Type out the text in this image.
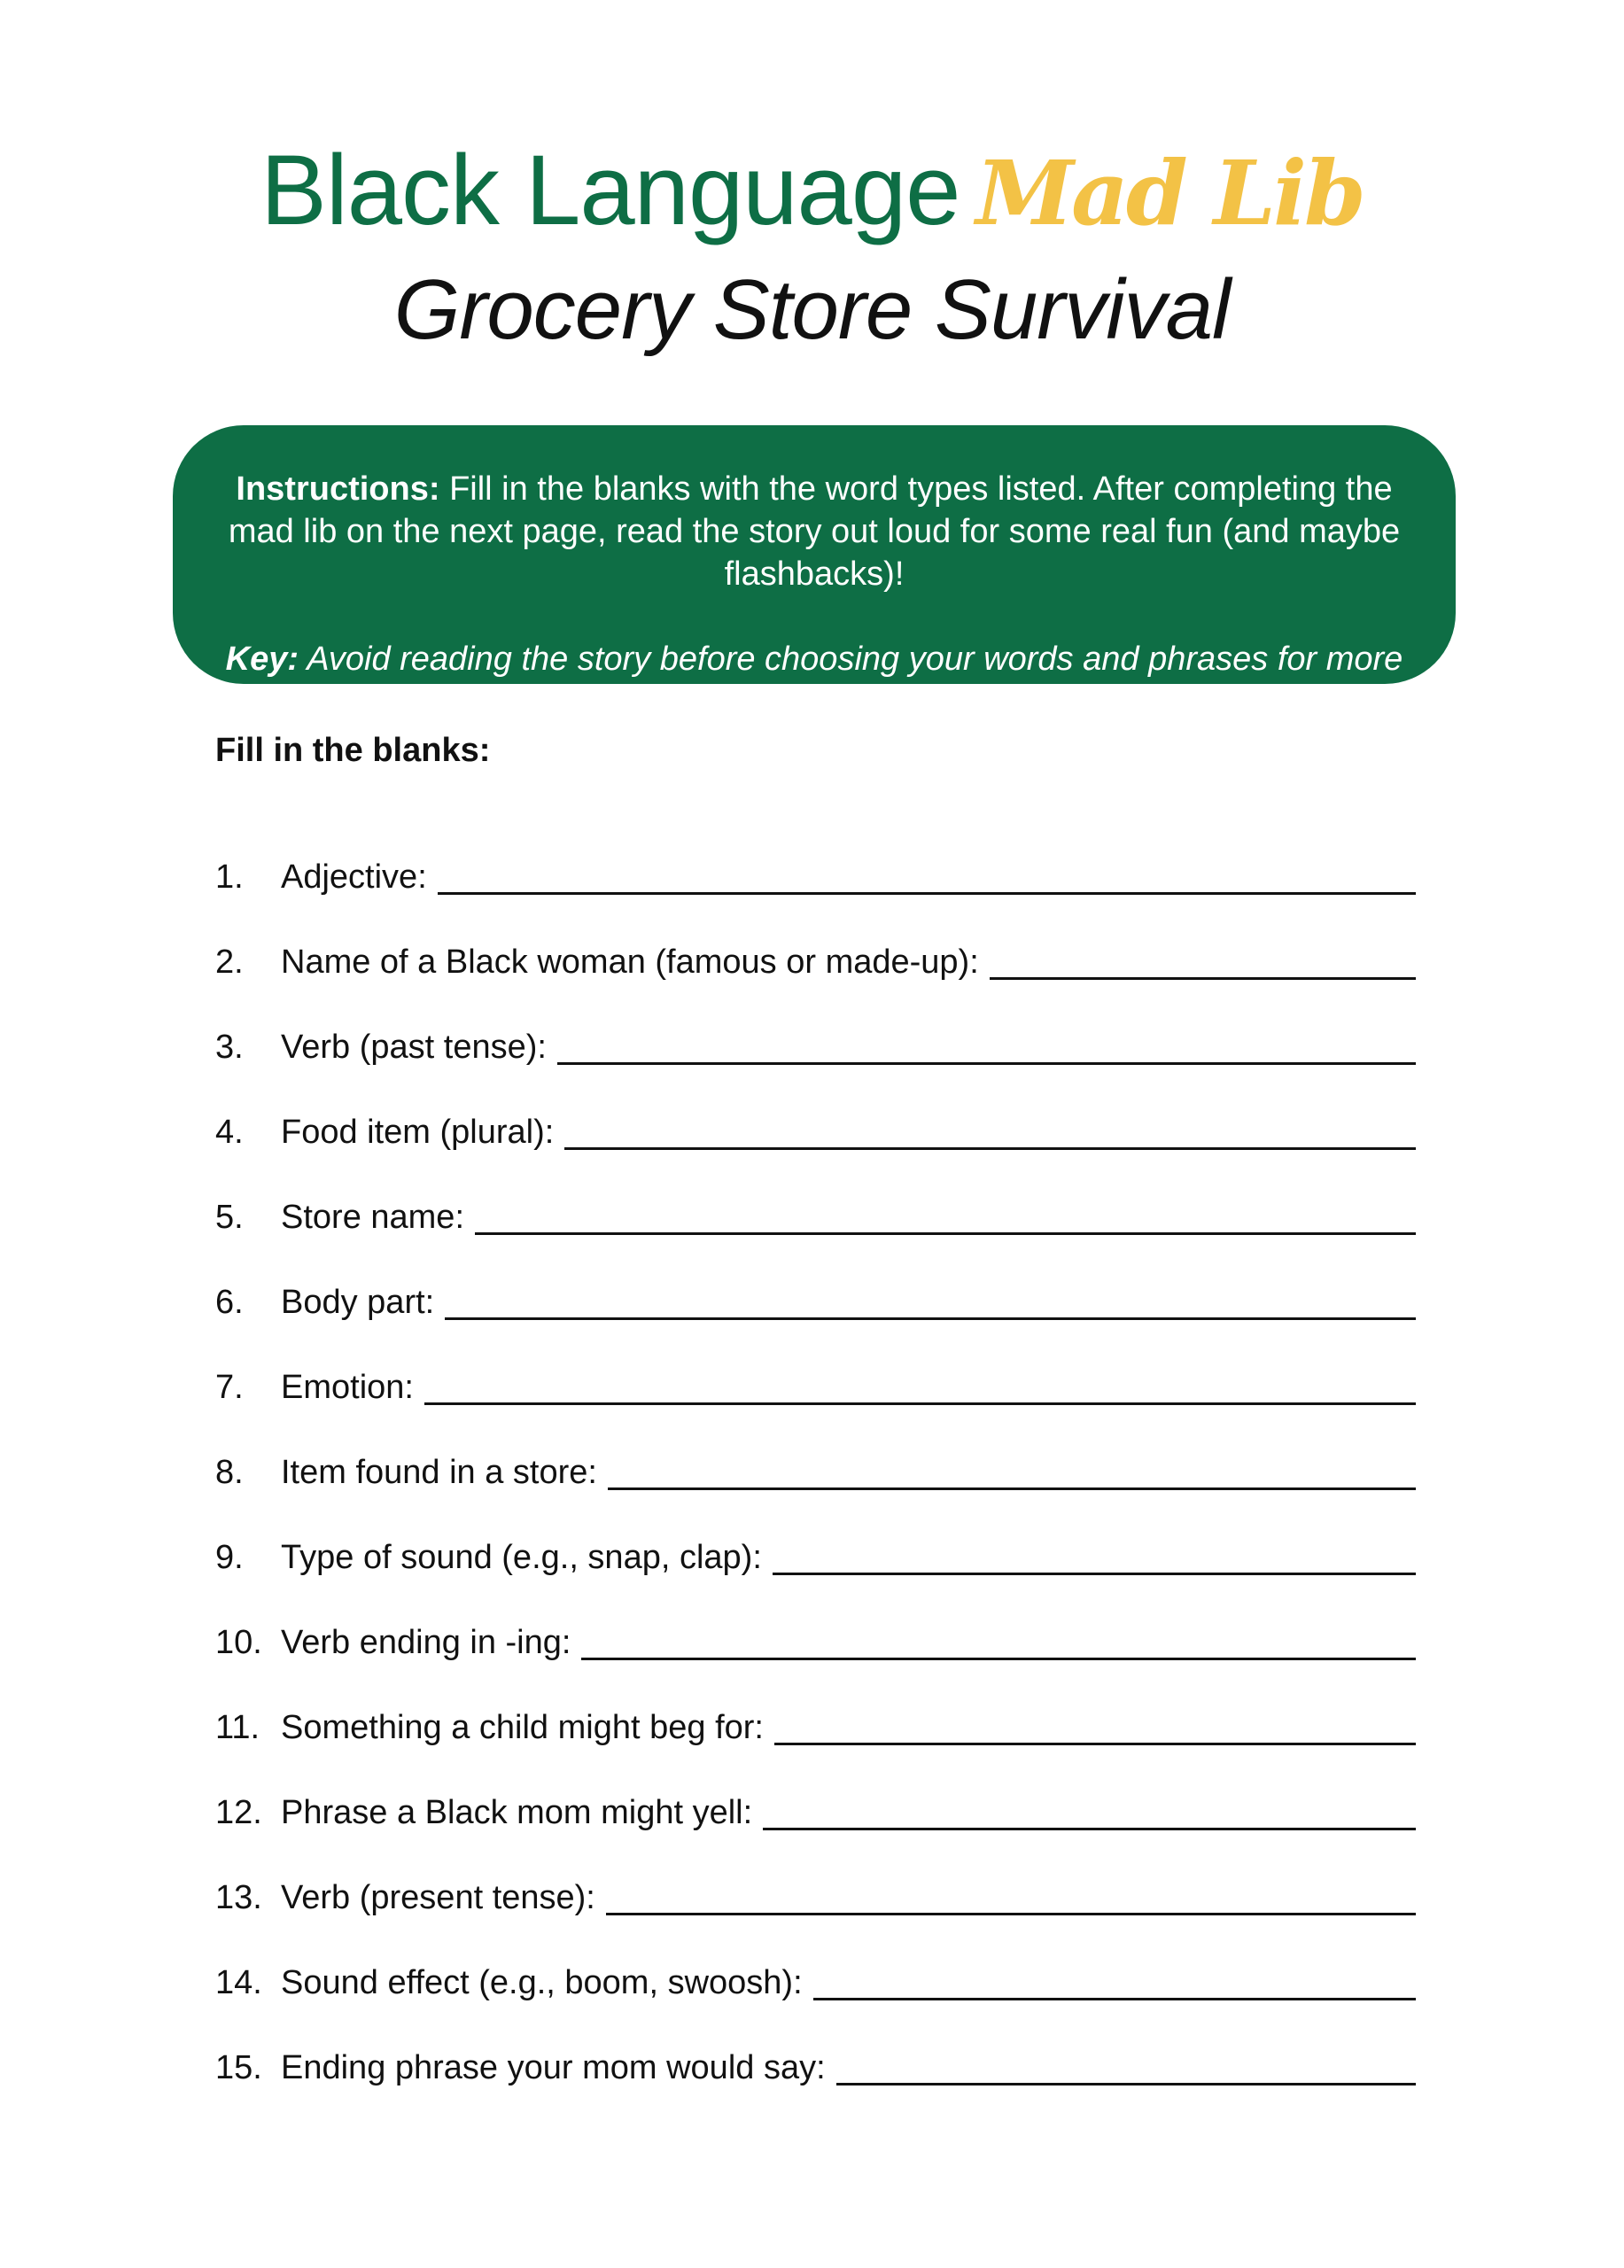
Black Language Mad Lib
Grocery Store Survival

Instructions: Fill in the blanks with the word types listed. After completing the mad lib on the next page, read the story out loud for some real fun (and maybe flashbacks)!

Key: Avoid reading the story before choosing your words and phrases for more fun!

Fill in the blanks:
1.	Adjective:
2.	Name of a Black woman (famous or made-up):
3.	Verb (past tense):
4.	Food item (plural):
5.	Store name:
6.	Body part:
7.	Emotion:
8.	Item found in a store:
9.	Type of sound (e.g., snap, clap):
10. Verb ending in -ing:
11. Something a child might beg for:
12. Phrase a Black mom might yell:
13. Verb (present tense):
14. Sound effect (e.g., boom, swoosh):
15. Ending phrase your mom would say:
